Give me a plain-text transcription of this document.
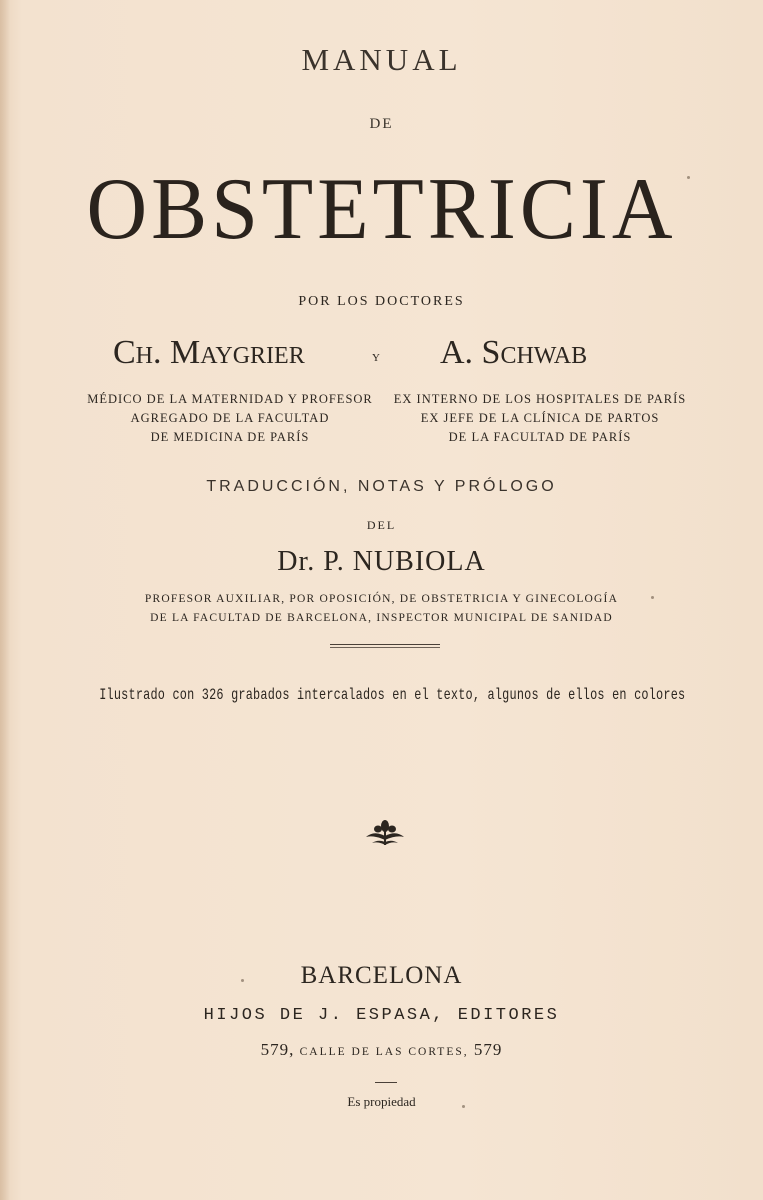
MANUAL
DE
OBSTETRICIA
POR LOS DOCTORES
Ch. Maygrier	Y A. Schwab
MÉDICO DE LA MATERNIDAD Y PROFESOR
AGREGADO DE LA FACULTAD
DE MEDICINA DE PARÍS
EX INTERNO DE LOS HOSPITALES DE PARÍS
EX JEFE DE LA CLÍNICA DE PARTOS
DE LA FACULTAD DE PARÍS
TRADUCCIÓN, NOTAS Y PRÓLOGO
DEL
Dr. P. NUBIOLA
PROFESOR AUXILIAR, POR OPOSICIÓN, DE OBSTETRICIA Y GINECOLOGÍA
DE LA FACULTAD DE BARCELONA, INSPECTOR MUNICIPAL DE SANIDAD
Ilustrado con 326 grabados intercalados en el texto, algunos de ellos en colores
BARCELONA
HIJOS DE J. ESPASA, EDITORES
579, CALLE DE LAS CORTES, 579
Es propiedad
